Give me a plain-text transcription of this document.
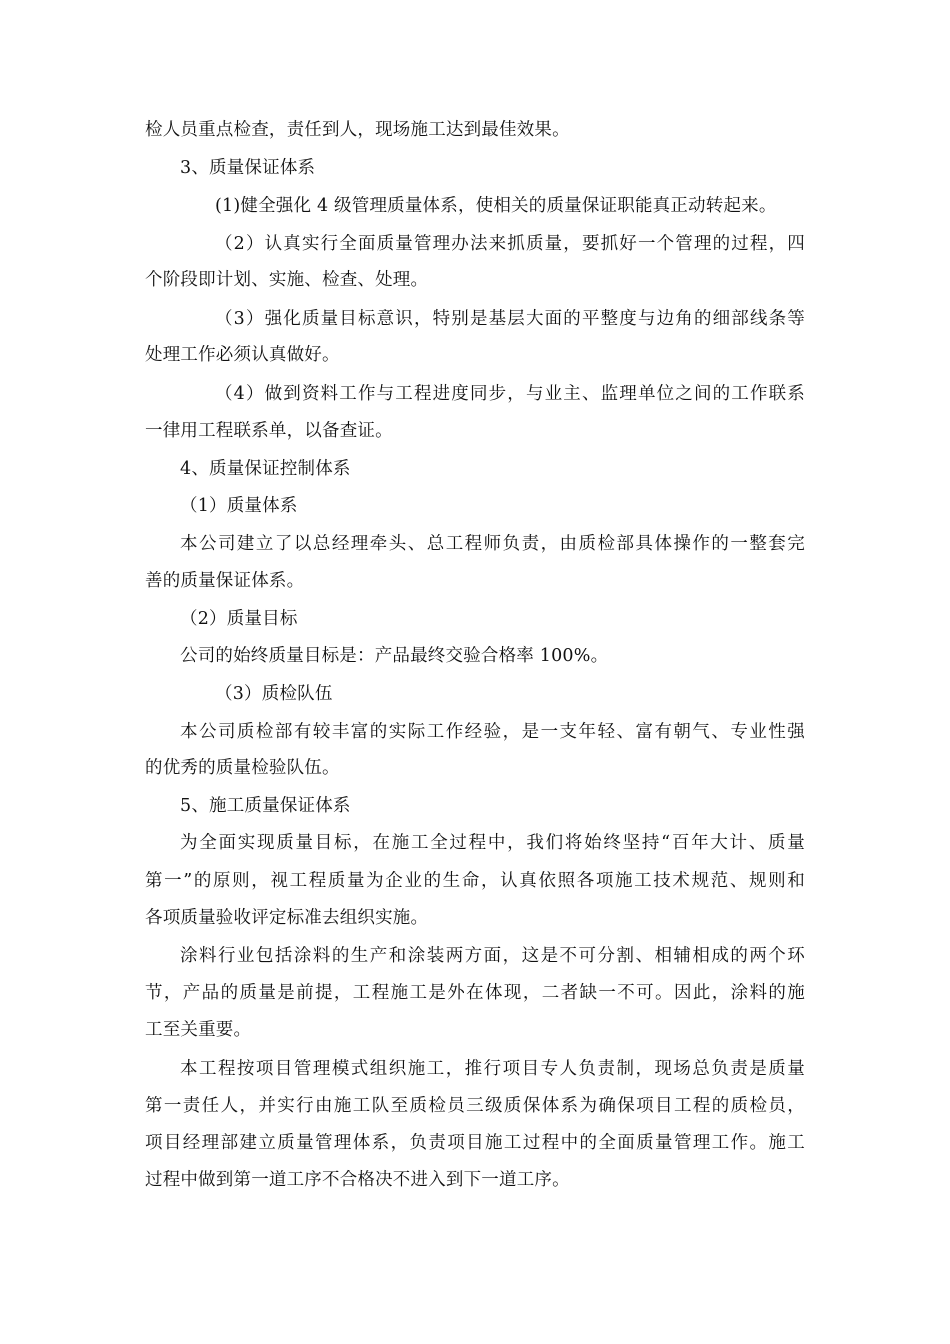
检人员重点检查，责任到人，现场施工达到最佳效果。
3、质量保证体系
(1)健全强化 4 级管理质量体系，使相关的质量保证职能真正动转起来。
（2）认真实行全面质量管理办法来抓质量，要抓好一个管理的过程，四
个阶段即计划、实施、检查、处理。
（3）强化质量目标意识，特别是基层大面的平整度与边角的细部线条等
处理工作必须认真做好。
（4）做到资料工作与工程进度同步，与业主、监理单位之间的工作联系
一律用工程联系单，以备查证。
4、质量保证控制体系
（1）质量体系
本公司建立了以总经理牵头、总工程师负责，由质检部具体操作的一整套完
善的质量保证体系。
（2）质量目标
公司的始终质量目标是：产品最终交验合格率 100%。
（3）质检队伍
本公司质检部有较丰富的实际工作经验，是一支年轻、富有朝气、专业性强
的优秀的质量检验队伍。
5、施工质量保证体系
为全面实现质量目标，在施工全过程中，我们将始终坚持“百年大计、质量
第一”的原则，视工程质量为企业的生命，认真依照各项施工技术规范、规则和
各项质量验收评定标准去组织实施。
涂料行业包括涂料的生产和涂装两方面，这是不可分割、相辅相成的两个环
节，产品的质量是前提，工程施工是外在体现，二者缺一不可。因此，涂料的施
工至关重要。
本工程按项目管理模式组织施工，推行项目专人负责制，现场总负责是质量
第一责任人，并实行由施工队至质检员三级质保体系为确保项目工程的质检员，
项目经理部建立质量管理体系，负责项目施工过程中的全面质量管理工作。施工
过程中做到第一道工序不合格决不进入到下一道工序。
